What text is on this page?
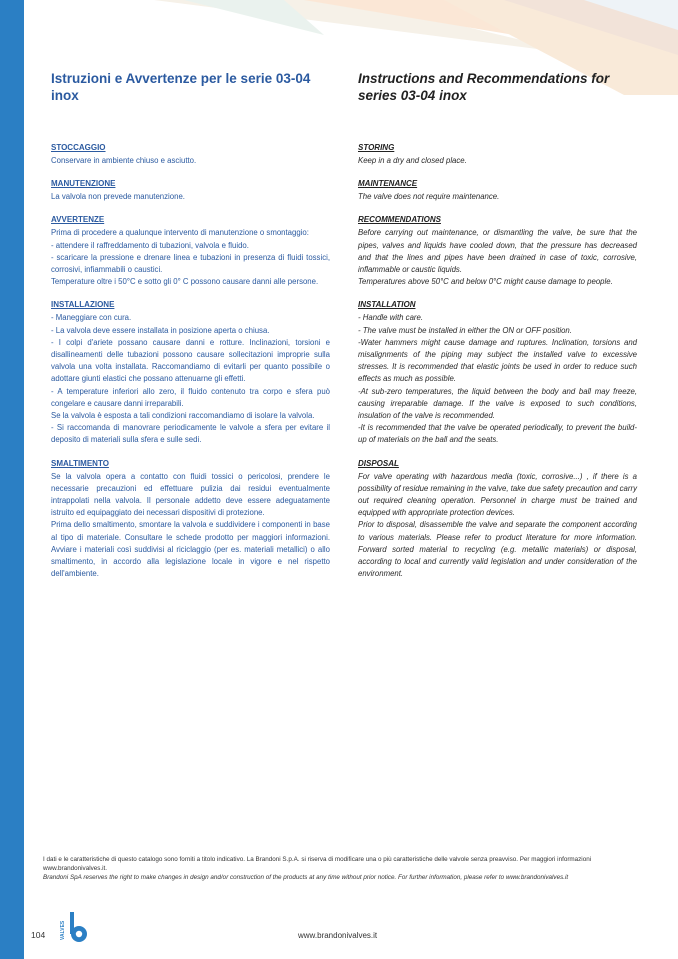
Istruzioni e Avvertenze per le serie 03-04 inox
STOCCAGGIO
Conservare in ambiente chiuso e asciutto.
MANUTENZIONE
La valvola non prevede manutenzione.
AVVERTENZE
Prima di procedere a qualunque intervento di manutenzione o smontaggio:
- attendere il raffreddamento di tubazioni, valvola e fluido.
- scaricare la pressione e drenare linea e tubazioni in presenza di fluidi tossici, corrosivi, infiammabili o caustici.
Temperature oltre i 50°C e sotto gli 0° C possono causare danni alle persone.
INSTALLAZIONE
- Maneggiare con cura.
- La valvola deve essere installata in posizione aperta o chiusa.
- I colpi d'ariete possano causare danni e rotture. Inclinazioni, torsioni e disallineamenti delle tubazioni possono causare sollecitazioni improprie sulla valvola una volta installata. Raccomandiamo di evitarli per quanto possibile o adottare giunti elastici che possano attenuarne gli effetti.
- A temperature inferiori allo zero, il fluido contenuto tra corpo e sfera può congelare e causare danni irreparabili.
Se la valvola è esposta a tali condizioni raccomandiamo di isolare la valvola.
- Si raccomanda di manovrare periodicamente le valvole a sfera per evitare il deposito di materiali sulla sfera e sulle sedi.
SMALTIMENTO
Se la valvola opera a contatto con fluidi tossici o pericolosi, prendere le necessarie precauzioni ed effettuare pulizia dai residui eventualmente intrappolati nella valvola. Il personale addetto deve essere adeguatamente istruito ed equipaggiato dei necessari dispositivi di protezione.
Prima dello smaltimento, smontare la valvola e suddividere i componenti in base al tipo di materiale. Consultare le schede prodotto per maggiori informazioni. Avviare i materiali così suddivisi al riciclaggio (per es. materiali metallici) o allo smaltimento, in accordo alla legislazione locale in vigore e nel rispetto dell'ambiente.
Instructions and Recommendations for series 03-04 inox
STORING
Keep in a dry and closed place.
MAINTENANCE
The valve does not require maintenance.
RECOMMENDATIONS
Before carrying out maintenance, or dismantling the valve, be sure that the pipes, valves and liquids have cooled down, that the pressure has decreased and that the lines and pipes have been drained in case of toxic, corrosive, inflammable or caustic liquids.
Temperatures above 50°C and below 0°C might cause damage to people.
INSTALLATION
- Handle with care.
- The valve must be installed in either the ON or OFF position.
-Water hammers might cause damage and ruptures. Inclination, torsions and misalignments of the piping may subject the installed valve to excessive stresses. It is recommended that elastic joints be used in order to reduce such effects as much as possible.
-At sub-zero temperatures, the liquid between the body and ball may freeze, causing irreparable damage. If the valve is exposed to such conditions, insulation of the valve is recommended.
-It is recommended that the valve be operated periodically, to prevent the build-up of materials on the ball and the seats.
DISPOSAL
For valve operating with hazardous media (toxic, corrosive...) , if there is a possibility of residue remaining in the valve, take due safety precaution and carry out required cleaning operation. Personnel in charge must be trained and equipped with appropriate protection devices.
Prior to disposal, disassemble the valve and separate the component according to various materials. Please refer to product literature for more information. Forward sorted material to recycling (e.g. metallic materials) or disposal, according to local and currently valid legislation and under consideration of the environment.
I dati e le caratteristiche di questo catalogo sono forniti a titolo indicativo. La Brandoni S.p.A. si riserva di modificare una o più caratteristiche delle valvole senza preavviso. Per maggiori informazioni www.brandonivalves.it.
Brandoni SpA reserves the right to make changes in design and/or construction of the products at any time without prior notice. For further information, please refer to www.brandonivalves.it
104	VALVES	www.brandonivalves.it
